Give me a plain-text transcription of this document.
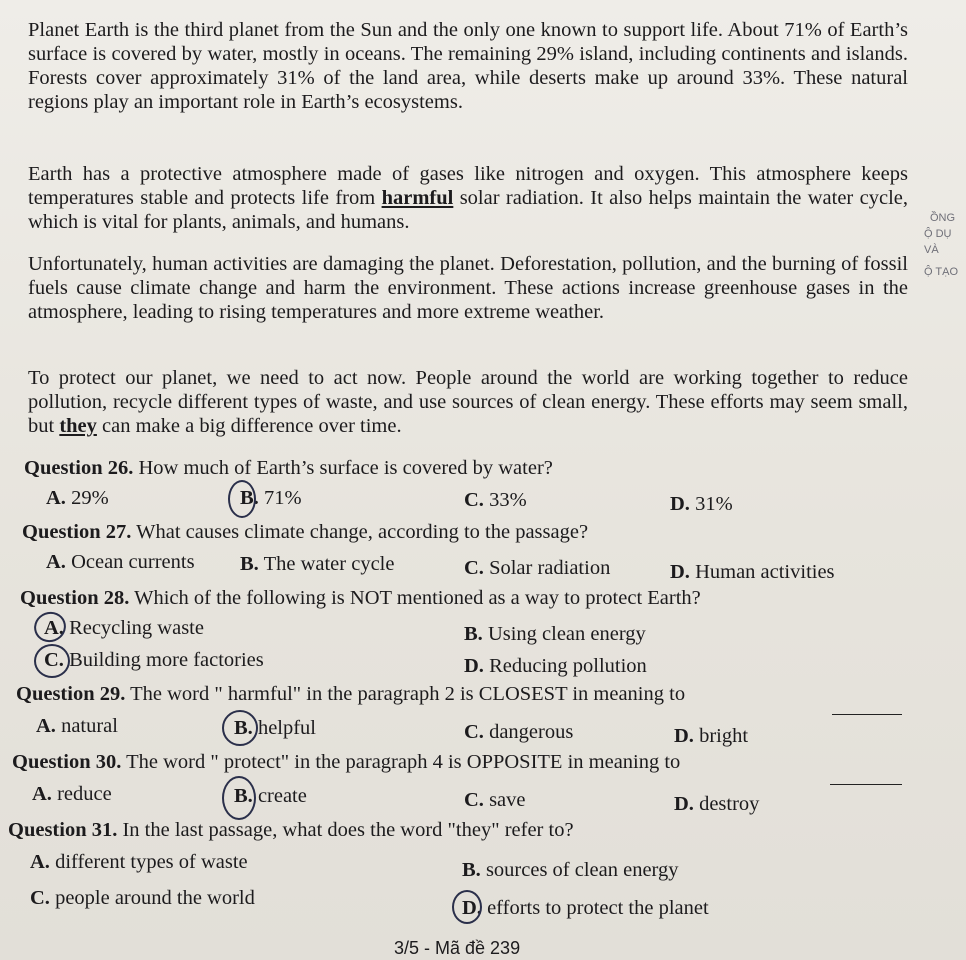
Planet Earth is the third planet from the Sun and the only one known to support life. About 71% of Earth’s surface is covered by water, mostly in oceans. The remaining 29% island, including continents and islands. Forests cover approximately 31% of the land area, while deserts make up around 33%. These natural regions play an important role in Earth’s ecosystems.

Earth has a protective atmosphere made of gases like nitrogen and oxygen. This atmosphere keeps temperatures stable and protects life from harmful solar radiation. It also helps maintain the water cycle, which is vital for plants, animals, and humans.

Unfortunately, human activities are damaging the planet. Deforestation, pollution, and the burning of fossil fuels cause climate change and harm the environment. These actions increase greenhouse gases in the atmosphere, leading to rising temperatures and more extreme weather.

To protect our planet, we need to act now. People around the world are working together to reduce pollution, recycle different types of waste, and use sources of clean energy. These efforts may seem small, but they can make a big difference over time.

Question 26. How much of Earth’s surface is covered by water?
A. 29%	B. 71%	C. 33%	D. 31%
Question 27. What causes climate change, according to the passage?
A. Ocean currents B. The water cycle	C. Solar radiation	D. Human activities
Question 28. Which of the following is NOT mentioned as a way to protect Earth?
A. Recycling waste	B. Using clean energy
C. Building more factories	D. Reducing pollution
Question 29. The word " harmful" in the paragraph 2 is CLOSEST in meaning to
A. natural	B. helpful	C. dangerous	D. bright
Question 30. The word " protect" in the paragraph 4 is OPPOSITE in meaning to
A. reduce	B. create	C. save	D. destroy
Question 31. In the last passage, what does the word "they" refer to?
A. different types of waste	B. sources of clean energy
C. people around the world	D. efforts to protect the planet
ỒNG
Ộ DỤ
VÀ
Ộ TẠO
3/5 - Mã đề 239
